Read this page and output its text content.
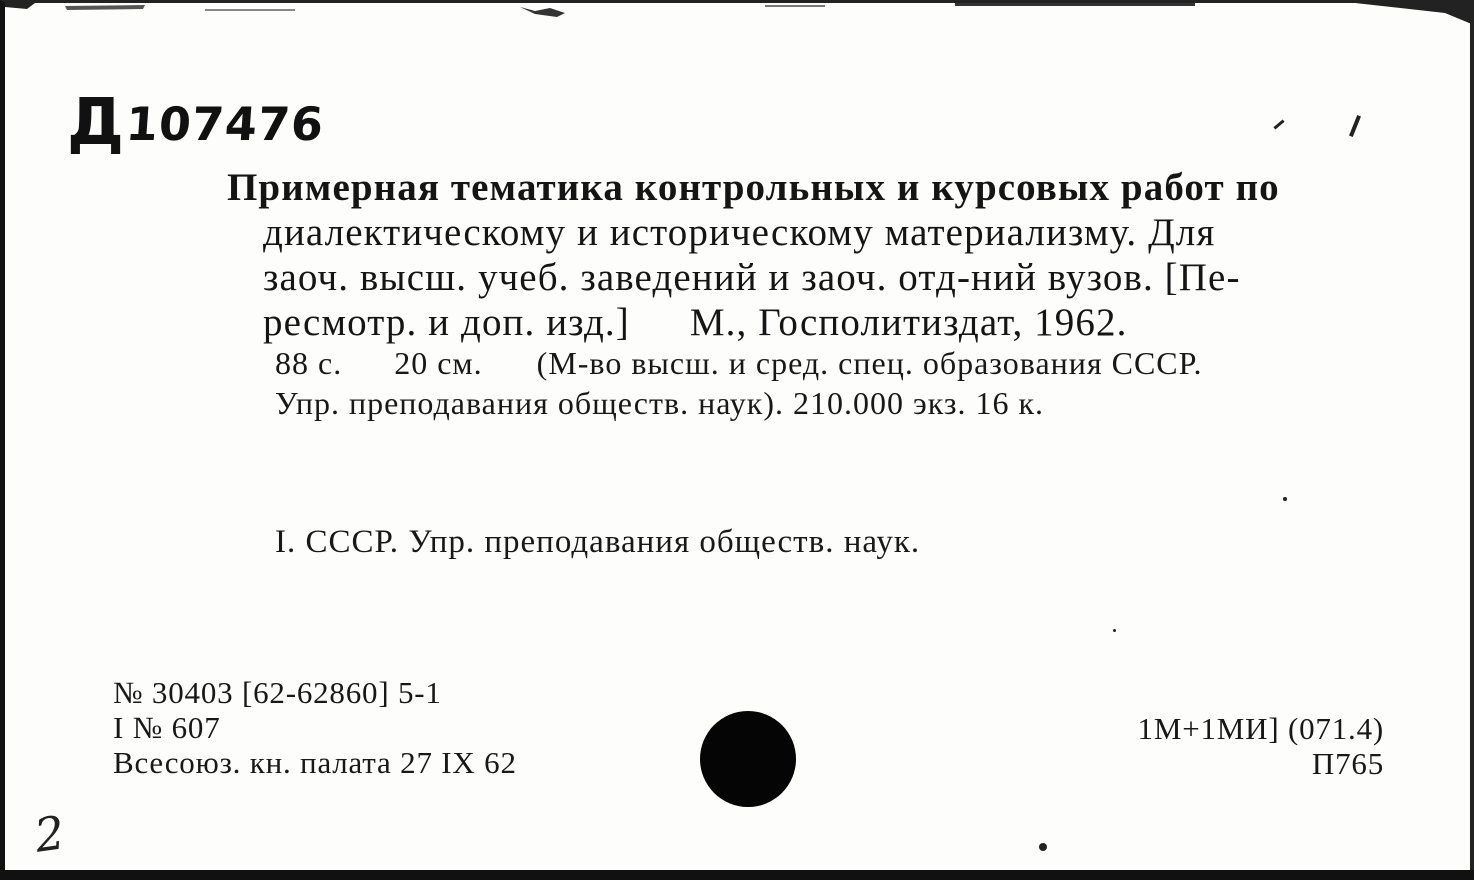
Д 107476
Примерная тематика контрольных и курсовых работ по
диалектическому и историческому материализму. Для
заоч. высш. учеб. заведений и заоч. отд-ний вузов. [Пе-
ресмотр. и доп. изд.] М., Госполитиздат, 1962.
88 с. 20 см. (М-во высш. и сред. спец. образования СССР.
Упр. преподавания обществ. наук). 210.000 экз. 16 к.
I. СССР. Упр. преподавания обществ. наук.
№ 30403 [62-62860] 5-1
I № 607
Всесоюз. кн. палата 27 IX 62
1М+1МИ] (071.4)
П765
2
